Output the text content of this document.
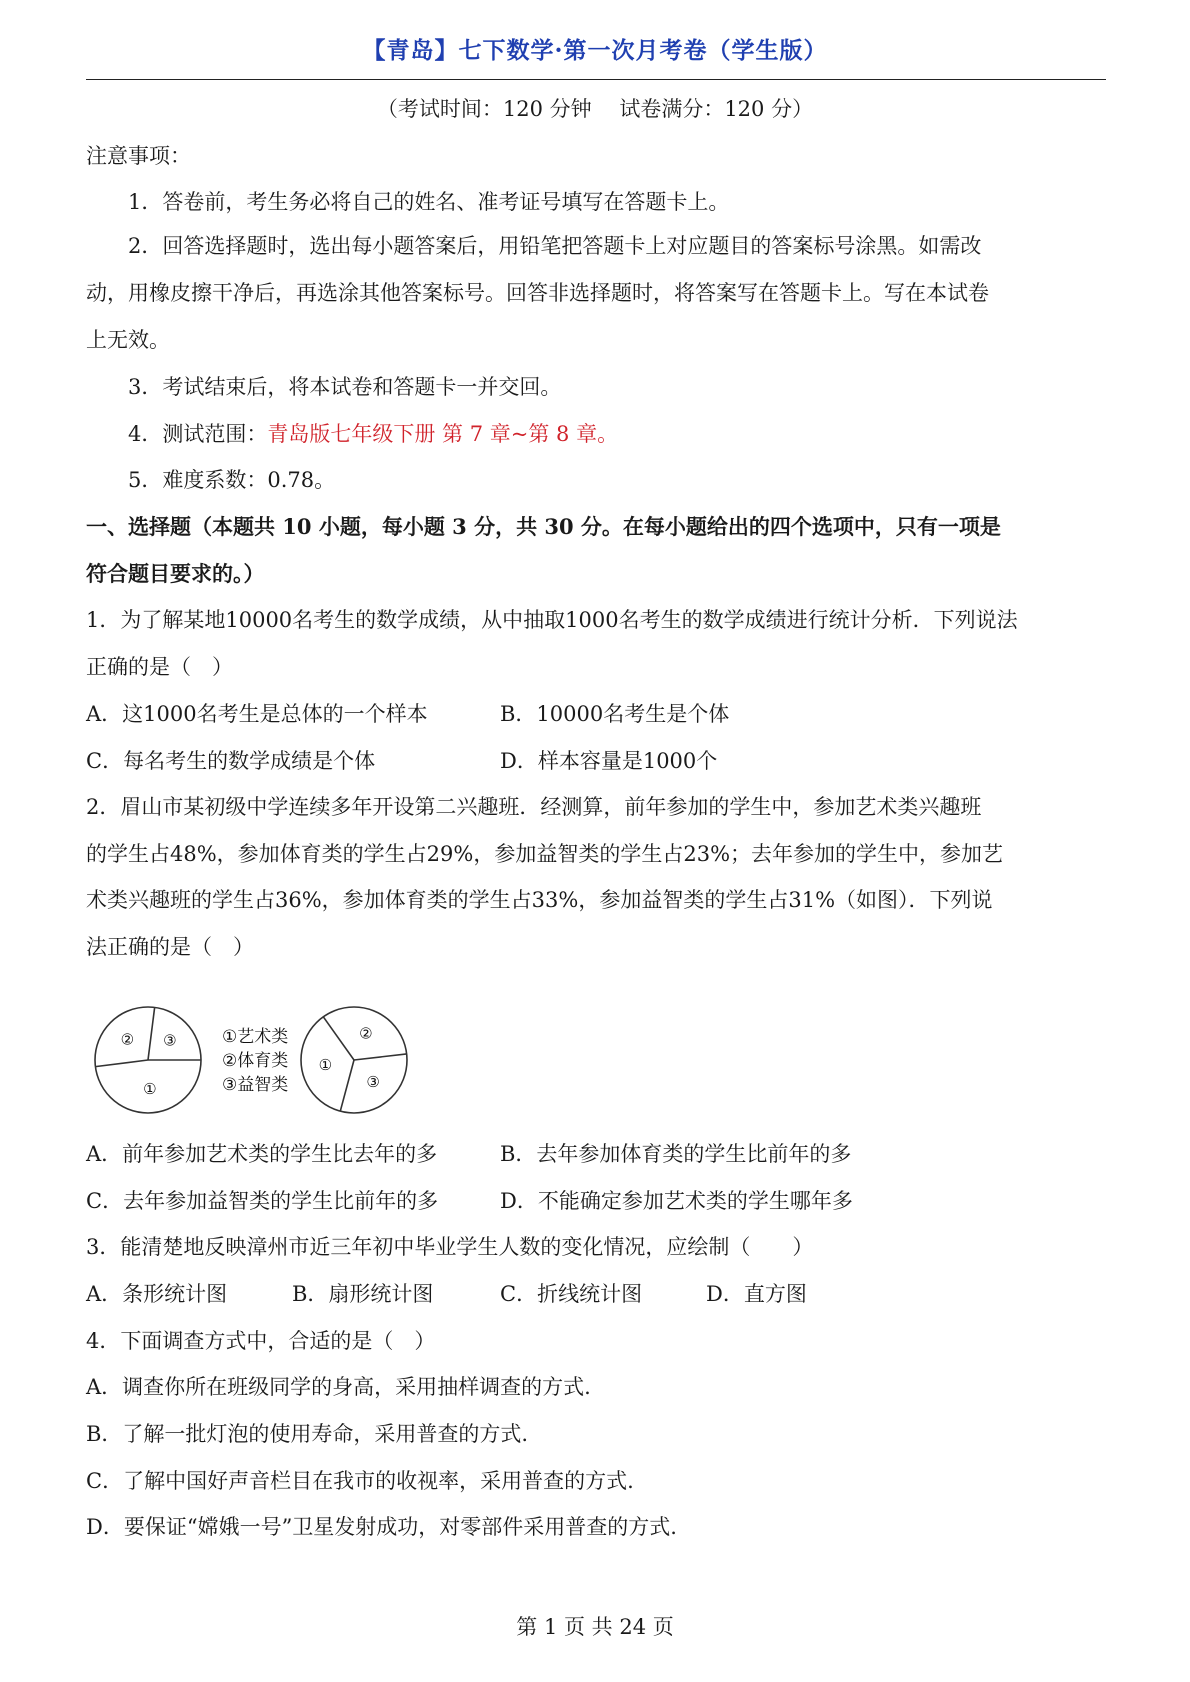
【青岛】七下数学·第一次月考卷（学生版）
（考试时间：120 分钟　 试卷满分：120 分）
注意事项：
1．答卷前，考生务必将自己的姓名、准考证号填写在答题卡上。
2．回答选择题时，选出每小题答案后，用铅笔把答题卡上对应题目的答案标号涂黑。如需改
动，用橡皮擦干净后，再选涂其他答案标号。回答非选择题时，将答案写在答题卡上。写在本试卷
上无效。
3．考试结束后，将本试卷和答题卡一并交回。
4．测试范围：青岛版七年级下册 第 7 章~第 8 章。
5．难度系数：0.78。
一、选择题（本题共 10 小题，每小题 3 分，共 30 分。在每小题给出的四个选项中，只有一项是
符合题目要求的。）
1．为了解某地10000名考生的数学成绩，从中抽取1000名考生的数学成绩进行统计分析．下列说法
正确的是（　）
A．这1000名考生是总体的一个样本	B．10000名考生是个体
C．每名考生的数学成绩是个体	D．样本容量是1000个
2．眉山市某初级中学连续多年开设第二兴趣班．经测算，前年参加的学生中，参加艺术类兴趣班
的学生占48%，参加体育类的学生占29%，参加益智类的学生占23%；去年参加的学生中，参加艺
术类兴趣班的学生占36%，参加体育类的学生占33%，参加益智类的学生占31%（如图）．下列说
法正确的是（　）
①
② ③
①
②
③
①艺术类
②体育类
③益智类
A．前年参加艺术类的学生比去年的多	B．去年参加体育类的学生比前年的多
C．去年参加益智类的学生比前年的多	D．不能确定参加艺术类的学生哪年多
3．能清楚地反映漳州市近三年初中毕业学生人数的变化情况，应绘制（　　）
A．条形统计图	B．扇形统计图	C．折线统计图	D．直方图
4．下面调查方式中，合适的是（　）
A．调查你所在班级同学的身高，采用抽样调查的方式.
B．了解一批灯泡的使用寿命，采用普查的方式.
C．了解中国好声音栏目在我市的收视率，采用普查的方式.
D．要保证“嫦娥一号”卫星发射成功，对零部件采用普查的方式.
第 1 页 共 24 页
